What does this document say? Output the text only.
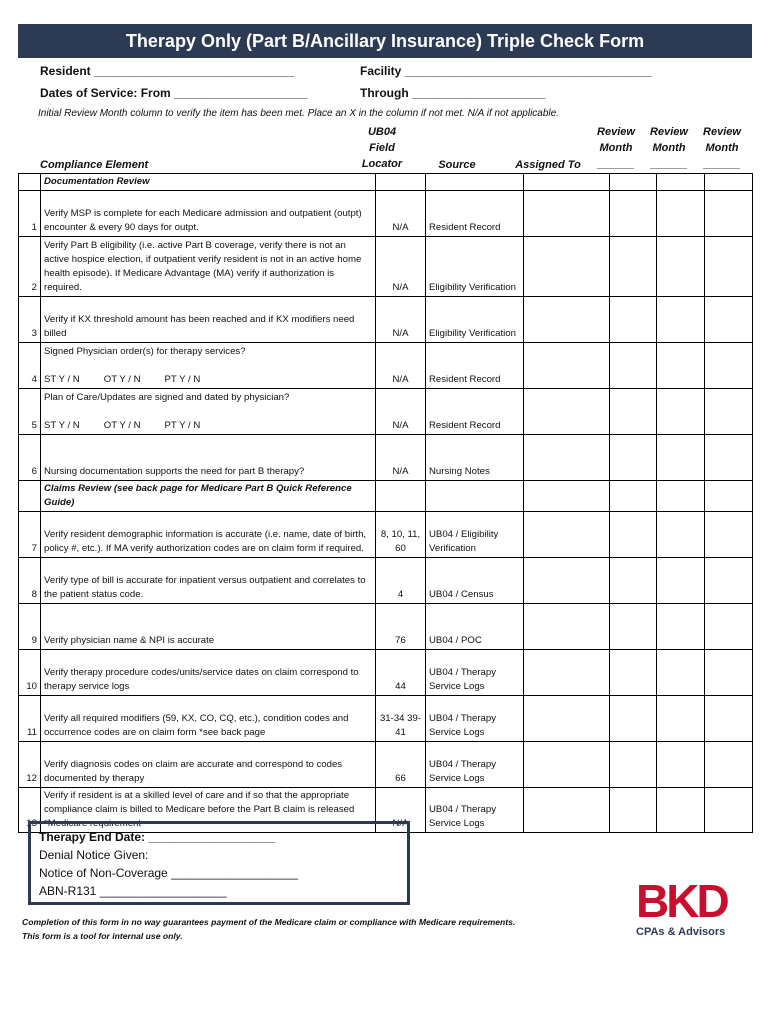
Therapy Only (Part B/Ancillary Insurance) Triple Check Form
Resident ______________________________	Facility _____________________________________
Dates of Service: From ____________________	Through ____________________
Initial Review Month column to verify the item has been met. Place an X in the column if not met. N/A if not applicable.
Compliance Element
UB04 Field Locator	Source	Assigned To
Review Month ______
Review Month ______
Review Month ______
	Documentation Review						
1	Verify MSP is complete for each Medicare admission and outpatient (outpt) encounter & every 90 days for outpt.	N/A	Resident Record				
2	Verify Part B eligibility (i.e. active Part B coverage, verify there is not an active hospice election, if outpatient verify resident is not in an active home health episode). If Medicare Advantage (MA) verify if authorization is required.	N/A	Eligibility Verification				
3	Verify if KX threshold amount has been reached and if KX modifiers need billed	N/A	Eligibility Verification				
4	Signed Physician order(s) for therapy services?
ST Y / N OT Y / N PT Y / N	N/A	Resident Record				
5	Plan of Care/Updates are signed and dated by physician?
ST Y / N OT Y / N PT Y / N	N/A	Resident Record				
6	Nursing documentation supports the need for part B therapy?	N/A	Nursing Notes				
	Claims Review (see back page for Medicare Part B Quick Reference Guide)						
7	Verify resident demographic information is accurate (i.e. name, date of birth, policy #, etc.). If MA verify authorization codes are on claim form if required.	8, 10, 11, 60	UB04 / Eligibility Verification				
8	Verify type of bill is accurate for inpatient versus outpatient and correlates to the patient status code.	4	UB04 / Census				
9	Verify physician name & NPI is accurate	76	UB04 / POC				
10	Verify therapy procedure codes/units/service dates on claim correspond to therapy service logs	44	UB04 / Therapy Service Logs				
11	Verify all required modifiers (59, KX, CO, CQ, etc.), condition codes and occurrence codes are on claim form *see back page	31-34 39-41	UB04 / Therapy Service Logs				
12	Verify diagnosis codes on claim are accurate and correspond to codes documented by therapy	66	UB04 / Therapy Service Logs				
13	Verify if resident is at a skilled level of care and if so that the appropriate compliance claim is billed to Medicare before the Part B claim is released *Medicare requirement	N/A	UB04 / Therapy Service Logs				
Therapy End Date: ___________________
Denial Notice Given:
Notice of Non-Coverage ___________________
ABN-R131 ___________________
Completion of this form in no way guarantees payment of the Medicare claim or compliance with Medicare requirements.
This form is a tool for internal use only.
BKD
CPAs & Advisors
